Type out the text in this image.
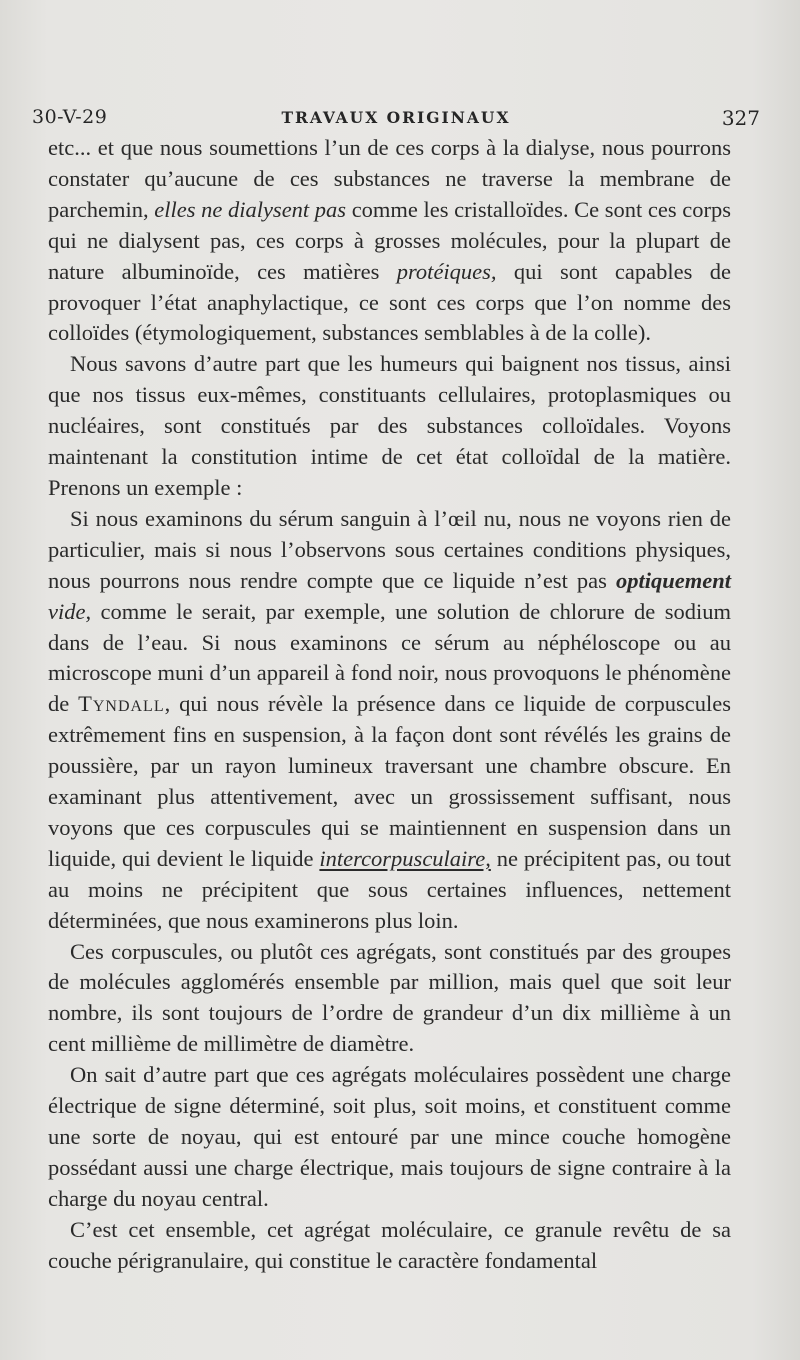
30-V-29	TRAVAUX ORIGINAUX	327

etc... et que nous soumettions l’un de ces corps à la dialyse, nous pourrons constater qu’aucune de ces substances ne traverse la membrane de parchemin, elles ne dialysent pas comme les cristalloïdes. Ce sont ces corps qui ne dialysent pas, ces corps à grosses molécules, pour la plupart de nature albuminoïde, ces matières protéiques, qui sont capables de provoquer l’état anaphylactique, ce sont ces corps que l’on nomme des colloïdes (étymologiquement, substances semblables à de la colle).

Nous savons d’autre part que les humeurs qui baignent nos tissus, ainsi que nos tissus eux-mêmes, constituants cellulaires, protoplasmiques ou nucléaires, sont constitués par des substances colloïdales. Voyons maintenant la constitution intime de cet état colloïdal de la matière. Prenons un exemple :

Si nous examinons du sérum sanguin à l’œil nu, nous ne voyons rien de particulier, mais si nous l’observons sous certaines conditions physiques, nous pourrons nous rendre compte que ce liquide n’est pas optiquement vide, comme le serait, par exemple, une solution de chlorure de sodium dans de l’eau. Si nous examinons ce sérum au néphéloscope ou au microscope muni d’un appareil à fond noir, nous provoquons le phénomène de Tyndall, qui nous révèle la présence dans ce liquide de corpuscules extrêmement fins en suspension, à la façon dont sont révélés les grains de poussière, par un rayon lumineux traversant une chambre obscure. En examinant plus attentivement, avec un grossissement suffisant, nous voyons que ces corpuscules qui se maintiennent en suspension dans un liquide, qui devient le liquide intercorpusculaire, ne précipitent pas, ou tout au moins ne précipitent que sous certaines influences, nettement déterminées, que nous examinerons plus loin.

Ces corpuscules, ou plutôt ces agrégats, sont constitués par des groupes de molécules agglomérés ensemble par million, mais quel que soit leur nombre, ils sont toujours de l’ordre de grandeur d’un dix millième à un cent millième de millimètre de diamètre.

On sait d’autre part que ces agrégats moléculaires possèdent une charge électrique de signe déterminé, soit plus, soit moins, et constituent comme une sorte de noyau, qui est entouré par une mince couche homogène possédant aussi une charge électrique, mais toujours de signe contraire à la charge du noyau central.

C’est cet ensemble, cet agrégat moléculaire, ce granule revêtu de sa couche périgranulaire, qui constitue le caractère fondamental
